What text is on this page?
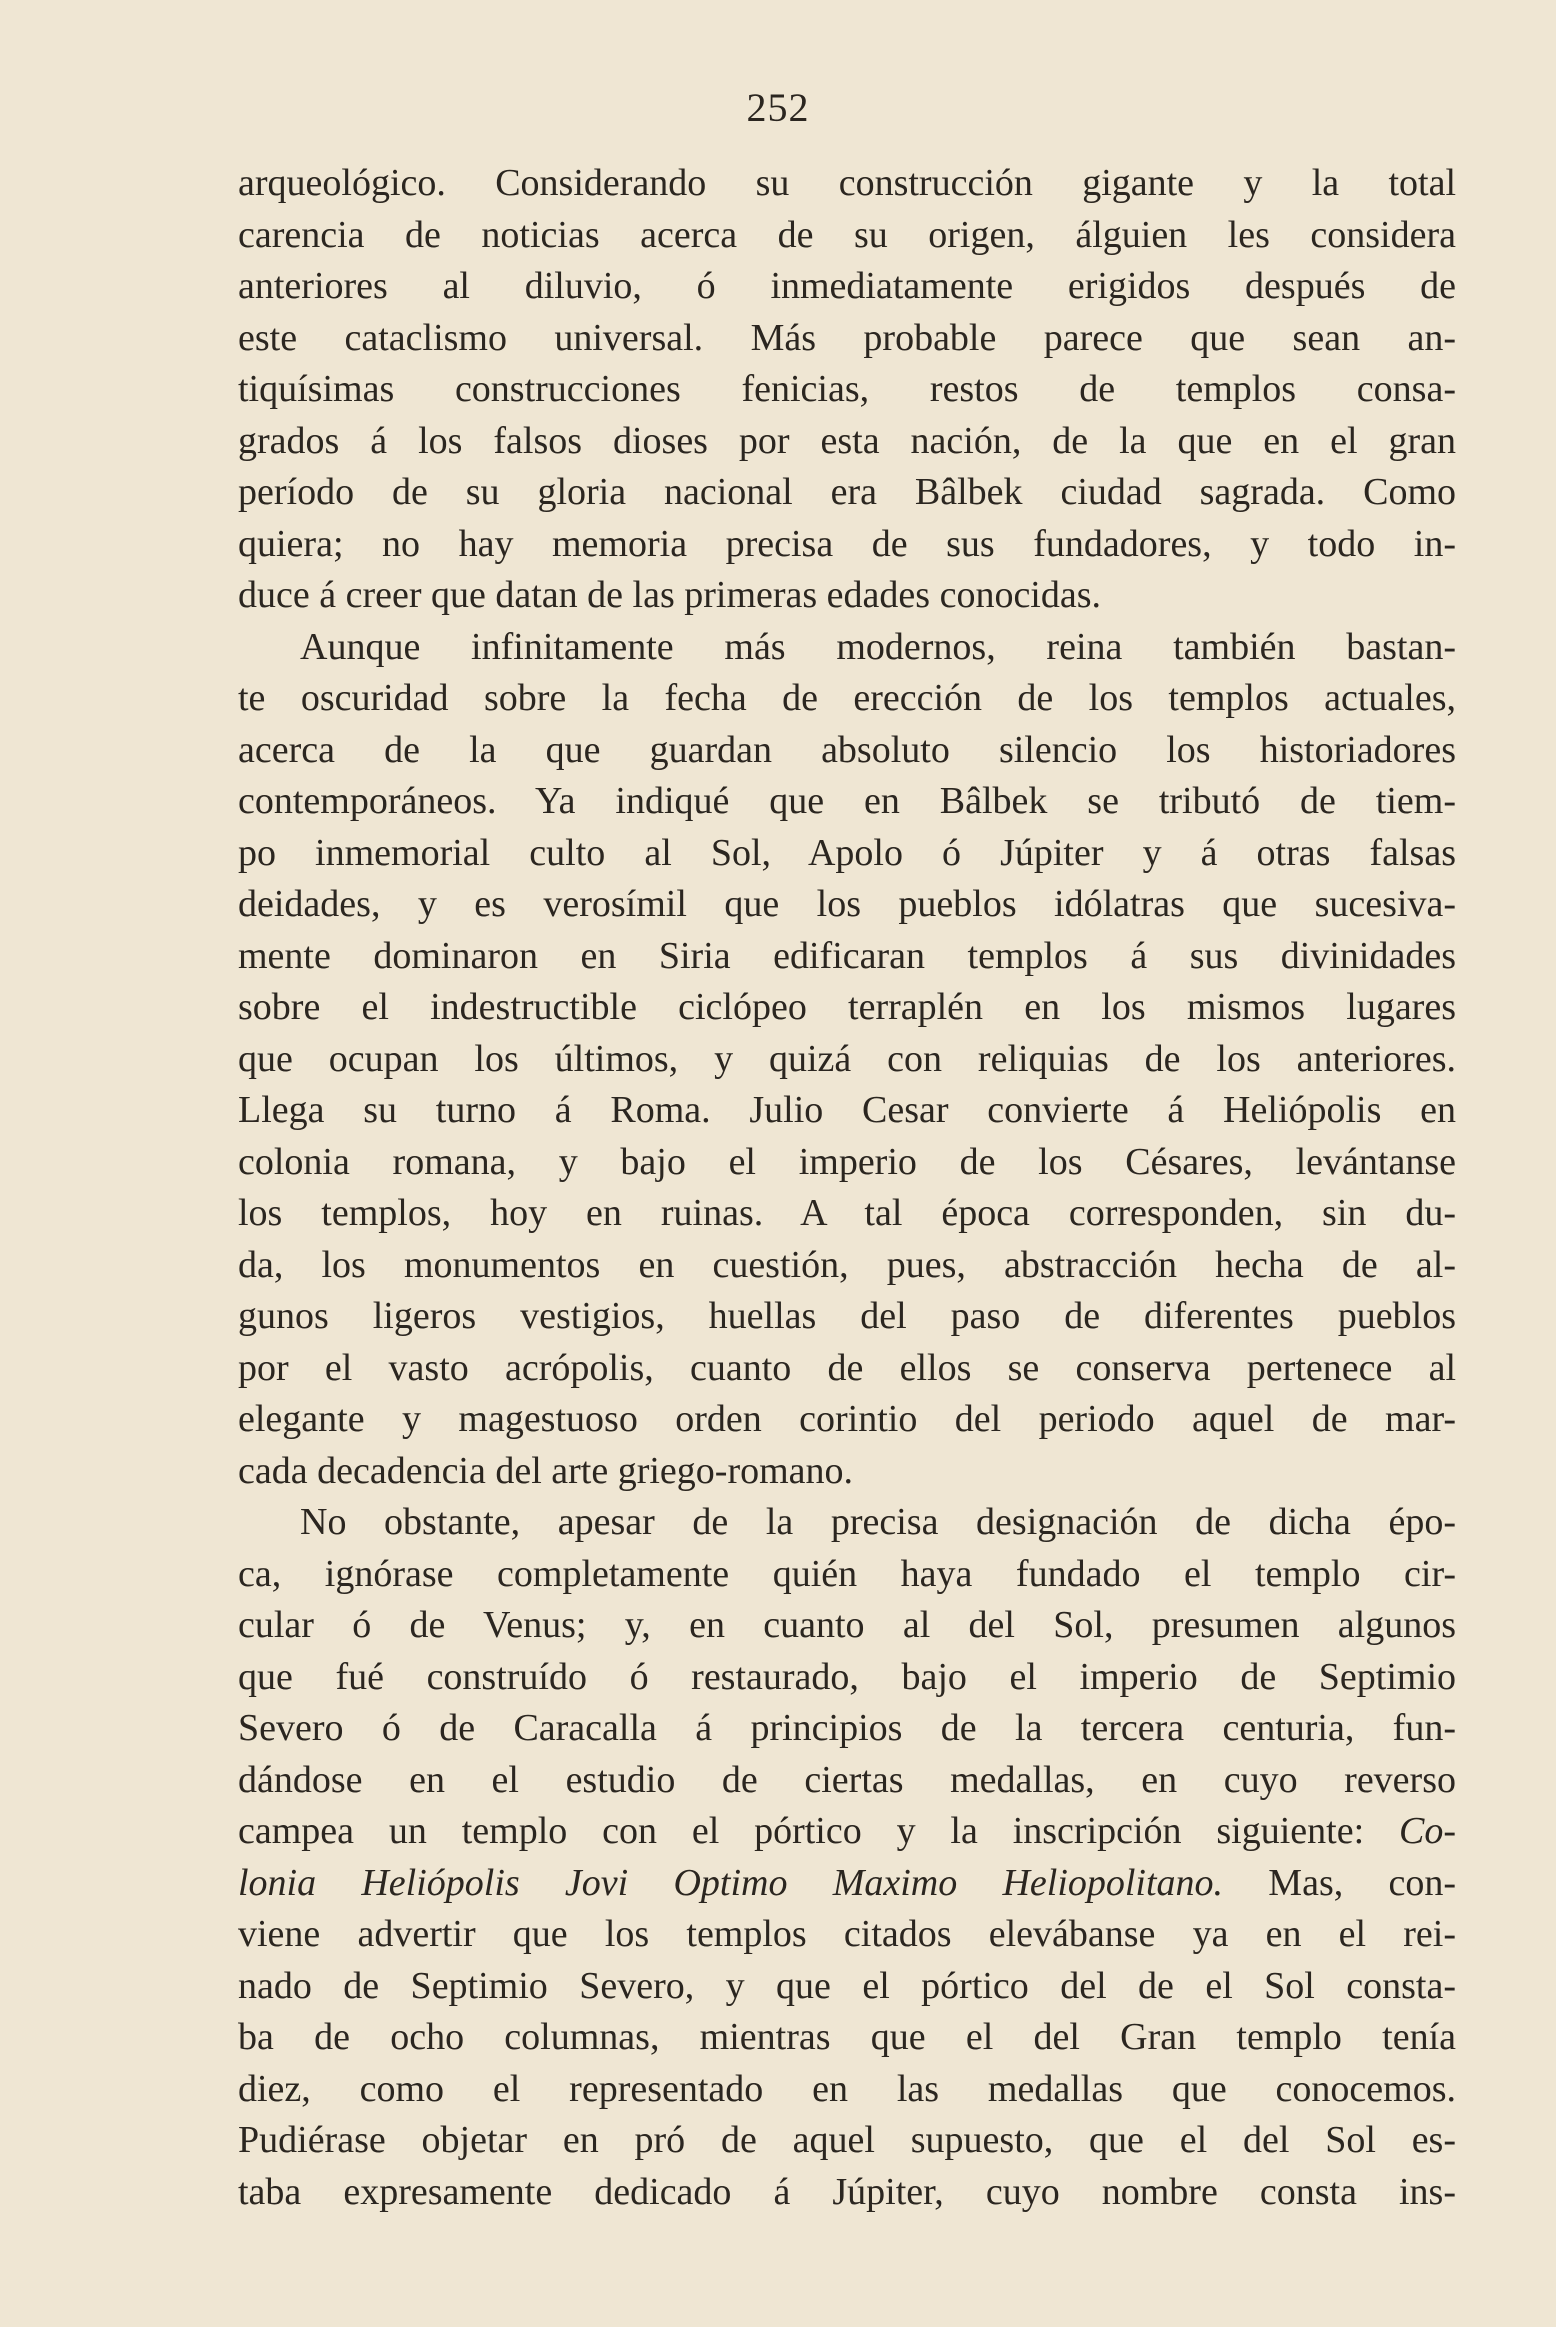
252
arqueológico. Considerando su construcción gigante y la total
carencia de noticias acerca de su origen, álguien les considera
anteriores al diluvio, ó inmediatamente erigidos después de
este cataclismo universal. Más probable parece que sean an-
tiquísimas construcciones fenicias, restos de templos consa-
grados á los falsos dioses por esta nación, de la que en el gran
período de su gloria nacional era Bâlbek ciudad sagrada. Como
quiera; no hay memoria precisa de sus fundadores, y todo in-
duce á creer que datan de las primeras edades conocidas.
Aunque infinitamente más modernos, reina también bastan-
te oscuridad sobre la fecha de erección de los templos actuales,
acerca de la que guardan absoluto silencio los historiadores
contemporáneos. Ya indiqué que en Bâlbek se tributó de tiem-
po inmemorial culto al Sol, Apolo ó Júpiter y á otras falsas
deidades, y es verosímil que los pueblos idólatras que sucesiva-
mente dominaron en Siria edificaran templos á sus divinidades
sobre el indestructible ciclópeo terraplén en los mismos lugares
que ocupan los últimos, y quizá con reliquias de los anteriores.
Llega su turno á Roma. Julio Cesar convierte á Heliópolis en
colonia romana, y bajo el imperio de los Césares, levántanse
los templos, hoy en ruinas. A tal época corresponden, sin du-
da, los monumentos en cuestión, pues, abstracción hecha de al-
gunos ligeros vestigios, huellas del paso de diferentes pueblos
por el vasto acrópolis, cuanto de ellos se conserva pertenece al
elegante y magestuoso orden corintio del periodo aquel de mar-
cada decadencia del arte griego-romano.
No obstante, apesar de la precisa designación de dicha épo-
ca, ignórase completamente quién haya fundado el templo cir-
cular ó de Venus; y, en cuanto al del Sol, presumen algunos
que fué construído ó restaurado, bajo el imperio de Septimio
Severo ó de Caracalla á principios de la tercera centuria, fun-
dándose en el estudio de ciertas medallas, en cuyo reverso
campea un templo con el pórtico y la inscripción siguiente: Co-
lonia Heliópolis Jovi Optimo Maximo Heliopolitano. Mas, con-
viene advertir que los templos citados elevábanse ya en el rei-
nado de Septimio Severo, y que el pórtico del de el Sol consta-
ba de ocho columnas, mientras que el del Gran templo tenía
diez, como el representado en las medallas que conocemos.
Pudiérase objetar en pró de aquel supuesto, que el del Sol es-
taba expresamente dedicado á Júpiter, cuyo nombre consta ins-
